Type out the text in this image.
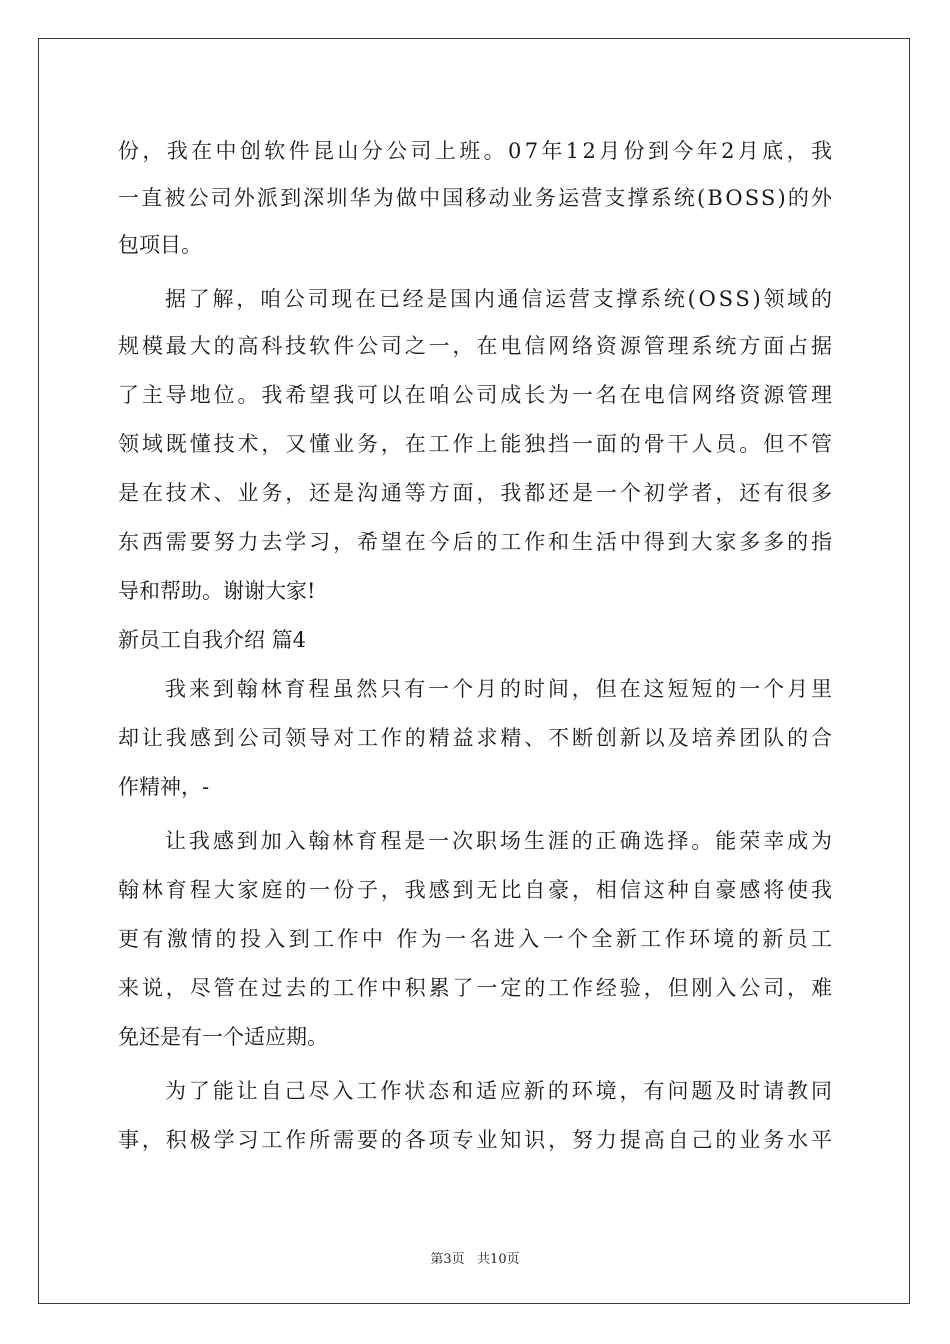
份，我在中创软件昆山分公司上班。07年12月份到今年2月底，我
一直被公司外派到深圳华为做中国移动业务运营支撑系统(BOSS)的外
包项目。
据了解，咱公司现在已经是国内通信运营支撑系统(OSS)领域的
规模最大的高科技软件公司之一，在电信网络资源管理系统方面占据
了主导地位。我希望我可以在咱公司成长为一名在电信网络资源管理
领域既懂技术，又懂业务，在工作上能独挡一面的骨干人员。但不管
是在技术、业务，还是沟通等方面，我都还是一个初学者，还有很多
东西需要努力去学习，希望在今后的工作和生活中得到大家多多的指
导和帮助。谢谢大家!
新员工自我介绍 篇4
我来到翰林育程虽然只有一个月的时间，但在这短短的一个月里
却让我感到公司领导对工作的精益求精、不断创新以及培养团队的合
作精神，-
让我感到加入翰林育程是一次职场生涯的正确选择。能荣幸成为
翰林育程大家庭的一份子，我感到无比自豪，相信这种自豪感将使我
更有激情的投入到工作中 作为一名进入一个全新工作环境的新员工
来说，尽管在过去的工作中积累了一定的工作经验，但刚入公司，难
免还是有一个适应期。
为了能让自己尽入工作状态和适应新的环境，有问题及时请教同
事，积极学习工作所需要的各项专业知识，努力提高自己的业务水平
第3页   共10页
